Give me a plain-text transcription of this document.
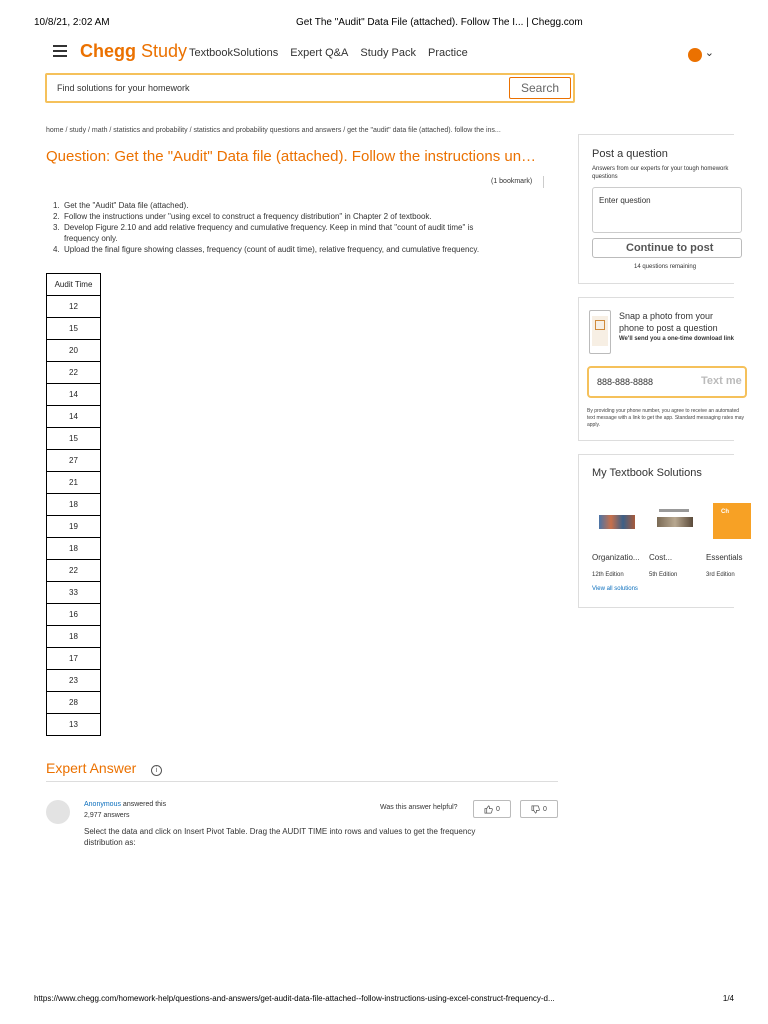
10/8/21, 2:02 AM	Get The "Audit" Data File (attached). Follow The I... | Chegg.com
Chegg Study TextbookSolutions Expert Q&A Study Pack Practice	⌄
Find solutions for your homework	Search
home / study / math / statistics and probability / statistics and probability questions and answers / get the "audit" data file (attached). follow the ins...
Question: Get the "Audit" Data file (attached). Follow the instructions un…
(1 bookmark)
1. Get the "Audit" Data file (attached).
2. Follow the instructions under "using excel to construct a frequency distribution" in Chapter 2 of textbook.
3. Develop Figure 2.10 and add relative frequency and cumulative frequency. Keep in mind that "count of audit time" is frequency only.
4. Upload the final figure showing classes, frequency (count of audit time), relative frequency, and cumulative frequency.
Audit Time
12
15
20
22
14
14
15
27
21
18
19
18
22
33
16
18
17
23
28
13
Expert Answer	i
Anonymous answered this
2,977 answers
Was this answer helpful?	0	0
Select the data and click on Insert Pivot Table. Drag the AUDIT TIME into rows and values to get the frequency distribution as:
Post a question
Answers from our experts for your tough homework questions
Enter question
Continue to post
14 questions remaining
Snap a photo from your phone to post a question
We'll send you a one-time download link
888-888-8888	Text me
By providing your phone number, you agree to receive an automated text message with a link to get the app. Standard messaging rates may apply.
My Textbook Solutions
Ch
Organizatio... Cost...	Essentials
12th Edition	5th Edition	3rd Edition
View all solutions
https://www.chegg.com/homework-help/questions-and-answers/get-audit-data-file-attached--follow-instructions-using-excel-construct-frequency-d...	1/4
